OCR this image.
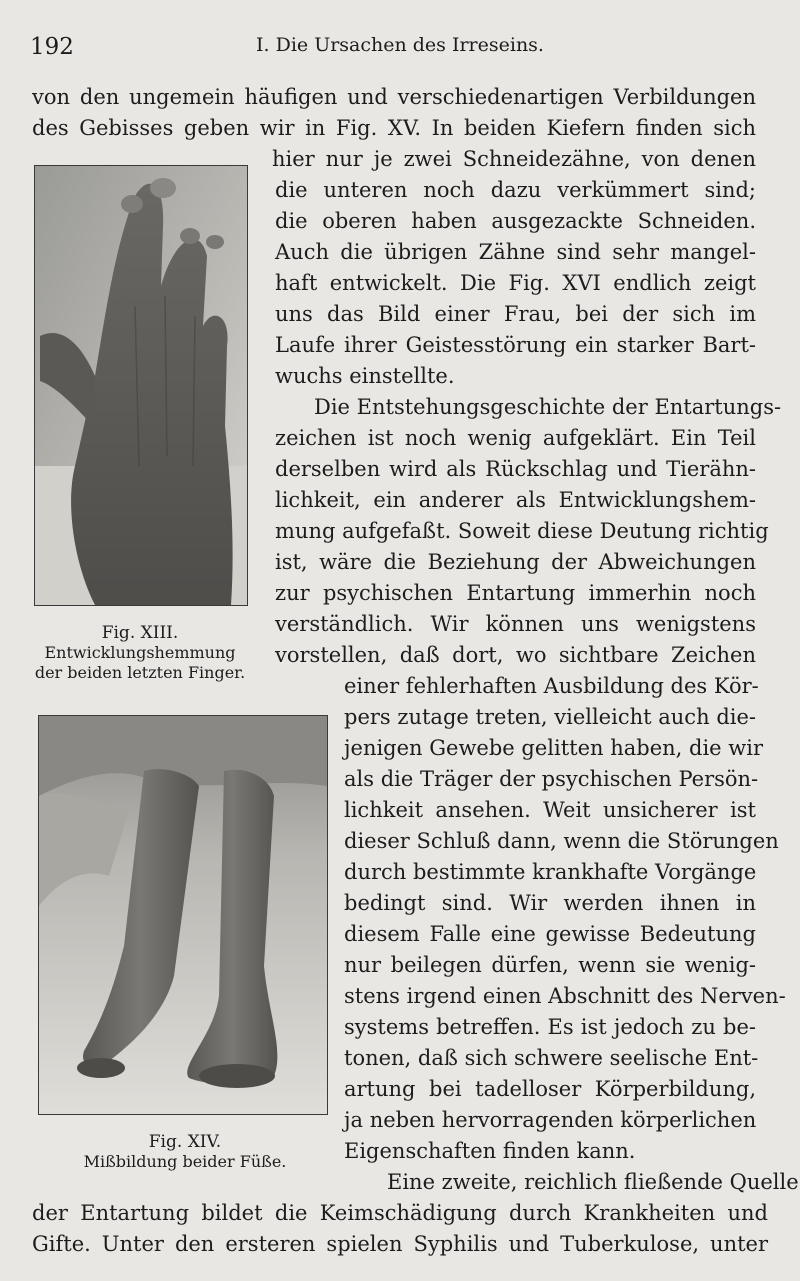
192	I. Die Ursachen des Irreseins.
Fig. XIII.
Entwicklungshemmung
der beiden letzten Finger.
Fig. XIV.
Mißbildung beider Füße.
von den ungemein häufigen und verschiedenartigen Verbildungen
des Gebisses geben wir in Fig. XV. In beiden Kiefern finden sich
hier nur je zwei Schneidezähne, von denen
die unteren noch dazu verkümmert sind;
die oberen haben ausgezackte Schneiden.
Auch die übrigen Zähne sind sehr mangel-
haft entwickelt. Die Fig. XVI endlich zeigt
uns das Bild einer Frau, bei der sich im
Laufe ihrer Geistesstörung ein starker Bart-
wuchs einstellte.
Die Entstehungsgeschichte der Entartungs-
zeichen ist noch wenig aufgeklärt. Ein Teil
derselben wird als Rückschlag und Tierähn-
lichkeit, ein anderer als Entwicklungshem-
mung aufgefaßt. Soweit diese Deutung richtig
ist, wäre die Beziehung der Abweichungen
zur psychischen Entartung immerhin noch
verständlich. Wir können uns wenigstens
vorstellen, daß dort, wo sichtbare Zeichen
einer fehlerhaften Ausbildung des Kör-
pers zutage treten, vielleicht auch die-
jenigen Gewebe gelitten haben, die wir
als die Träger der psychischen Persön-
lichkeit ansehen. Weit unsicherer ist
dieser Schluß dann, wenn die Störungen
durch bestimmte krankhafte Vorgänge
bedingt sind. Wir werden ihnen in
diesem Falle eine gewisse Bedeutung
nur beilegen dürfen, wenn sie wenig-
stens irgend einen Abschnitt des Nerven-
systems betreffen. Es ist jedoch zu be-
tonen, daß sich schwere seelische Ent-
artung bei tadelloser Körperbildung,
ja neben hervorragenden körperlichen
Eigenschaften finden kann.
Eine zweite, reichlich fließende Quelle
der Entartung bildet die Keimschädigung durch Krankheiten und
Gifte. Unter den ersteren spielen Syphilis und Tuberkulose, unter
